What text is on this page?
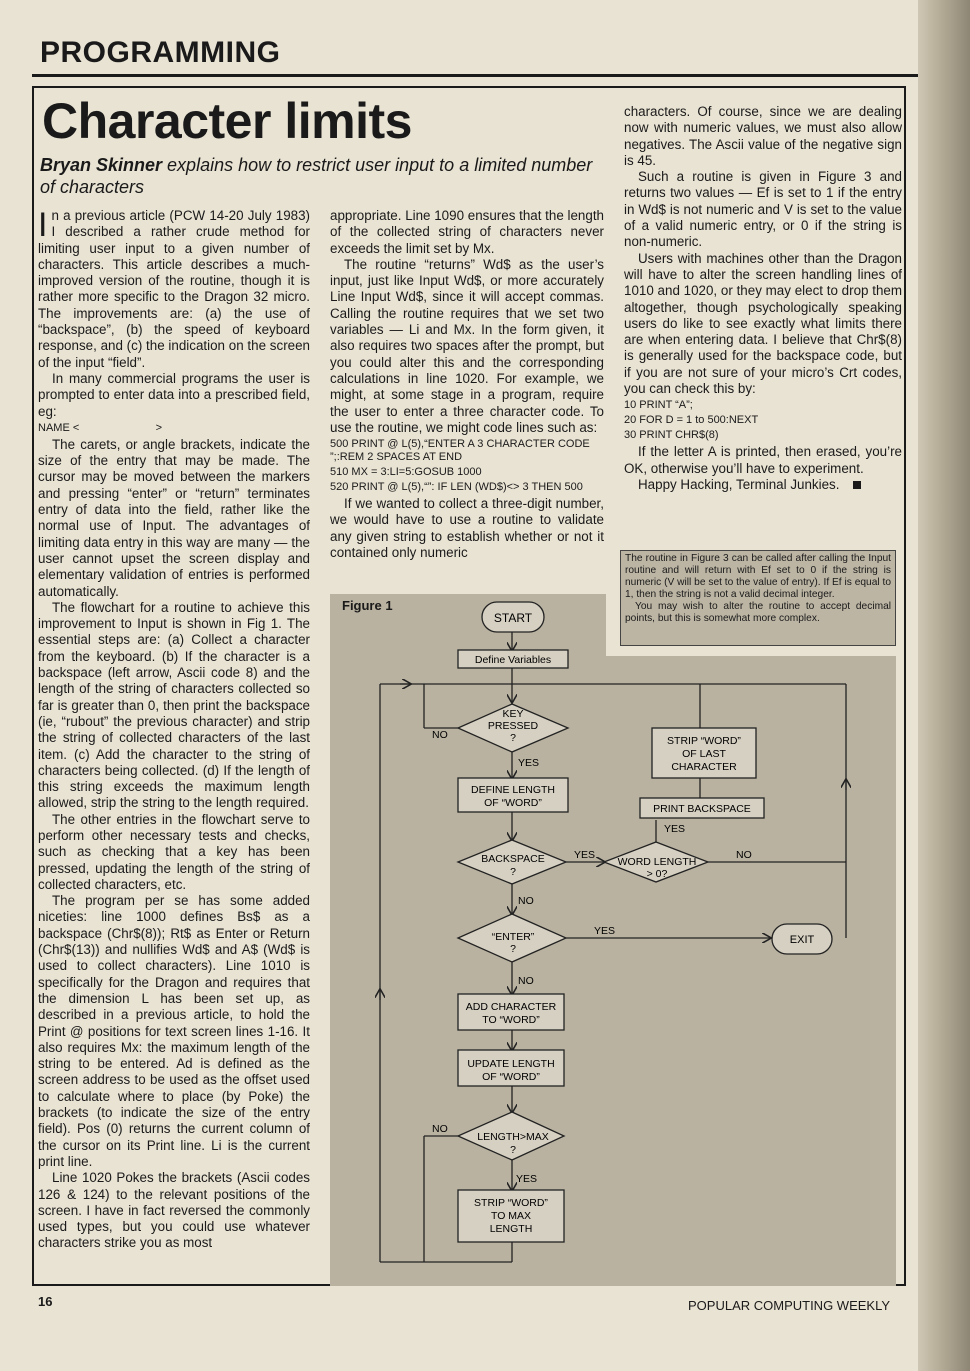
PROGRAMMING
Character limits
Bryan Skinner explains how to restrict user input to a limited number of characters

In a previous article (PCW 14-20 July 1983) I described a rather crude method for limiting user input to a given number of characters. This article describes a much-improved version of the routine, though it is rather more specific to the Dragon 32 micro. The improvements are: (a) the use of “backspace”, (b) the speed of keyboard response, and (c) the indication on the screen of the input “field”.

In many commercial programs the user is prompted to enter data into a prescribed field, eg:

NAME <                         >

The carets, or angle brackets, indicate the size of the entry that may be made. The cursor may be moved between the markers and pressing “enter” or “return” terminates entry of data into the field, rather like the normal use of Input. The advantages of limiting data entry in this way are many — the user cannot upset the screen display and elementary validation of entries is performed automatically.

The flowchart for a routine to achieve this improvement to Input is shown in Fig 1. The essential steps are: (a) Collect a character from the keyboard. (b) If the character is a backspace (left arrow, Ascii code 8) and the length of the string of characters collected so far is greater than 0, then print the backspace (ie, “rubout” the previous character) and strip the string of collected characters of the last item. (c) Add the character to the string of characters being collected. (d) If the length of this string exceeds the maximum length allowed, strip the string to the length required.

The other entries in the flowchart serve to perform other necessary tests and checks, such as checking that a key has been pressed, updating the length of the string of collected characters, etc.

The program per se has some added niceties: line 1000 defines Bs$ as a backspace (Chr$(8)); Rt$ as Enter or Return (Chr$(13)) and nullifies Wd$ and A$ (Wd$ is used to collect characters). Line 1010 is specifically for the Dragon and requires that the dimension L has been set up, as described in a previous article, to hold the Print @ positions for text screen lines 1-16. It also requires Mx: the maximum length of the string to be entered. Ad is defined as the screen address to be used as the offset used to calculate where to place (by Poke) the brackets (to indicate the size of the entry field). Pos (0) returns the current column of the cursor on its Print line. Li is the current print line.

Line 1020 Pokes the brackets (Ascii codes 126 & 124) to the relevant positions of the screen. I have in fact reversed the commonly used types, but you could use whatever characters strike you as most

appropriate. Line 1090 ensures that the length of the collected string of characters never exceeds the limit set by Mx.

The routine “returns” Wd$ as the user’s input, just like Input Wd$, or more accurately Line Input Wd$, since it will accept commas. Calling the routine requires that we set two variables — Li and Mx. In the form given, it also requires two spaces after the prompt, but you could alter this and the corresponding calculations in line 1020. For example, we might, at some stage in a program, require the user to enter a three character code. To use the routine, we might code lines such as:

500 PRINT @ L(5),“ENTER A 3 CHARACTER CODE ”;:REM 2 SPACES AT END

510 MX = 3:LI=5:GOSUB 1000

520 PRINT @ L(5),“”: IF LEN (WD$)<> 3 THEN 500

If we wanted to collect a three-digit number, we would have to use a routine to validate any given string to establish whether or not it contained only numeric

characters. Of course, since we are dealing now with numeric values, we must also allow negatives. The Ascii value of the negative sign is 45.

Such a routine is given in Figure 3 and returns two values — Ef is set to 1 if the entry in Wd$ is not numeric and V is set to the value of a valid numeric entry, or 0 if the string is non-numeric.

Users with machines other than the Dragon will have to alter the screen handling lines of 1010 and 1020, or they may elect to drop them altogether, though psychologically speaking users do like to see exactly what limits there are when entering data. I believe that Chr$(8) is generally used for the backspace code, but if you are not sure of your micro’s Crt codes, you can check this by:

10 PRINT “A”;

20 FOR D = 1 to 500:NEXT

30 PRINT CHR$(8)

If the letter A is printed, then erased, you’re OK, otherwise you’ll have to experiment.

Happy Hacking, Terminal Junkies.

The routine in Figure 3 can be called after calling the Input routine and will return with Ef set to 0 if the string is numeric (V will be set to the value of entry). If Ef is equal to 1, then the string is not a valid decimal integer.

You may wish to alter the routine to accept decimal points, but this is somewhat more complex.

START
Define Variables
KEY
PRESSED
?
NO
YES
DEFINE LENGTH
OF “WORD”
BACKSPACE
?
YES
NO
WORD LENGTH
> 0?
NO
YES
PRINT BACKSPACE
STRIP “WORD”
OF LAST
CHARACTER
“ENTER”
?
YES
NO
EXIT
ADD CHARACTER
TO “WORD”
UPDATE LENGTH
OF “WORD”
LENGTH>MAX
?
NO
YES
STRIP “WORD”
TO MAX
LENGTH
Figure 1
16	POPULAR COMPUTING WEEKLY
